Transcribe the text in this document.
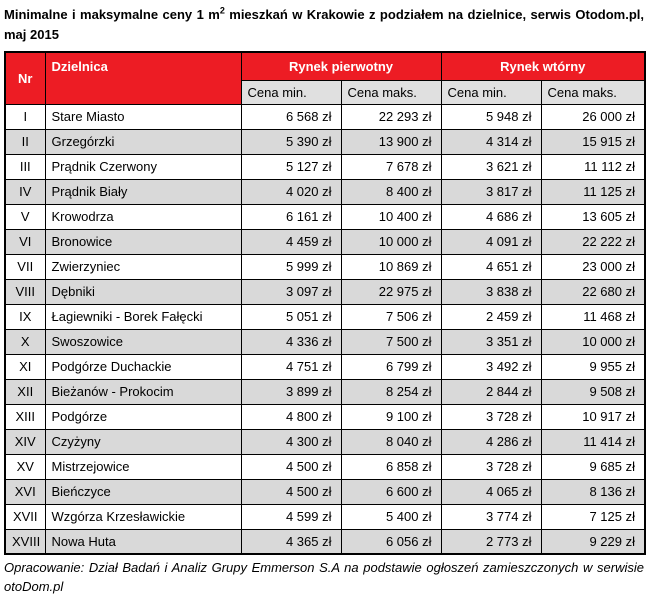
Minimalne i maksymalne ceny 1 $m^2$ mieszkań w Krakowie z podziałem na dzielnice, serwis Otodom.pl, maj 2015

Nr	Dzielnica	Rynek pierwotny		Rynek wtórny	
		Cena min.	Cena maks.	Cena min.	Cena maks.
I	Stare Miasto	6 568 zł	22 293 zł	5 948 zł	26 000 zł
II	Grzegórzki	5 390 zł	13 900 zł	4 314 zł	15 915 zł
III	Prądnik Czerwony	5 127 zł	7 678 zł	3 621 zł	11 112 zł
IV	Prądnik Biały	4 020 zł	8 400 zł	3 817 zł	11 125 zł
V	Krowodrza	6 161 zł	10 400 zł	4 686 zł	13 605 zł
VI	Bronowice	4 459 zł	10 000 zł	4 091 zł	22 222 zł
VII	Zwierzyniec	5 999 zł	10 869 zł	4 651 zł	23 000 zł
VIII	Dębniki	3 097 zł	22 975 zł	3 838 zł	22 680 zł
IX	Łagiewniki - Borek Fałęcki	5 051 zł	7 506 zł	2 459 zł	11 468 zł
X	Swoszowice	4 336 zł	7 500 zł	3 351 zł	10 000 zł
XI	Podgórze Duchackie	4 751 zł	6 799 zł	3 492 zł	9 955 zł
XII	Bieżanów - Prokocim	3 899 zł	8 254 zł	2 844 zł	9 508 zł
XIII	Podgórze	4 800 zł	9 100 zł	3 728 zł	10 917 zł
XIV	Czyżyny	4 300 zł	8 040 zł	4 286 zł	11 414 zł
XV	Mistrzejowice	4 500 zł	6 858 zł	3 728 zł	9 685 zł
XVI	Bieńczyce	4 500 zł	6 600 zł	4 065 zł	8 136 zł
XVII	Wzgórza Krzesławickie	4 599 zł	5 400 zł	3 774 zł	7 125 zł
XVIII	Nowa Huta	4 365 zł	6 056 zł	2 773 zł	9 229 zł

Opracowanie: Dział Badań i Analiz Grupy Emmerson S.A na podstawie ogłoszeń zamieszczonych w serwisie otoDom.pl
